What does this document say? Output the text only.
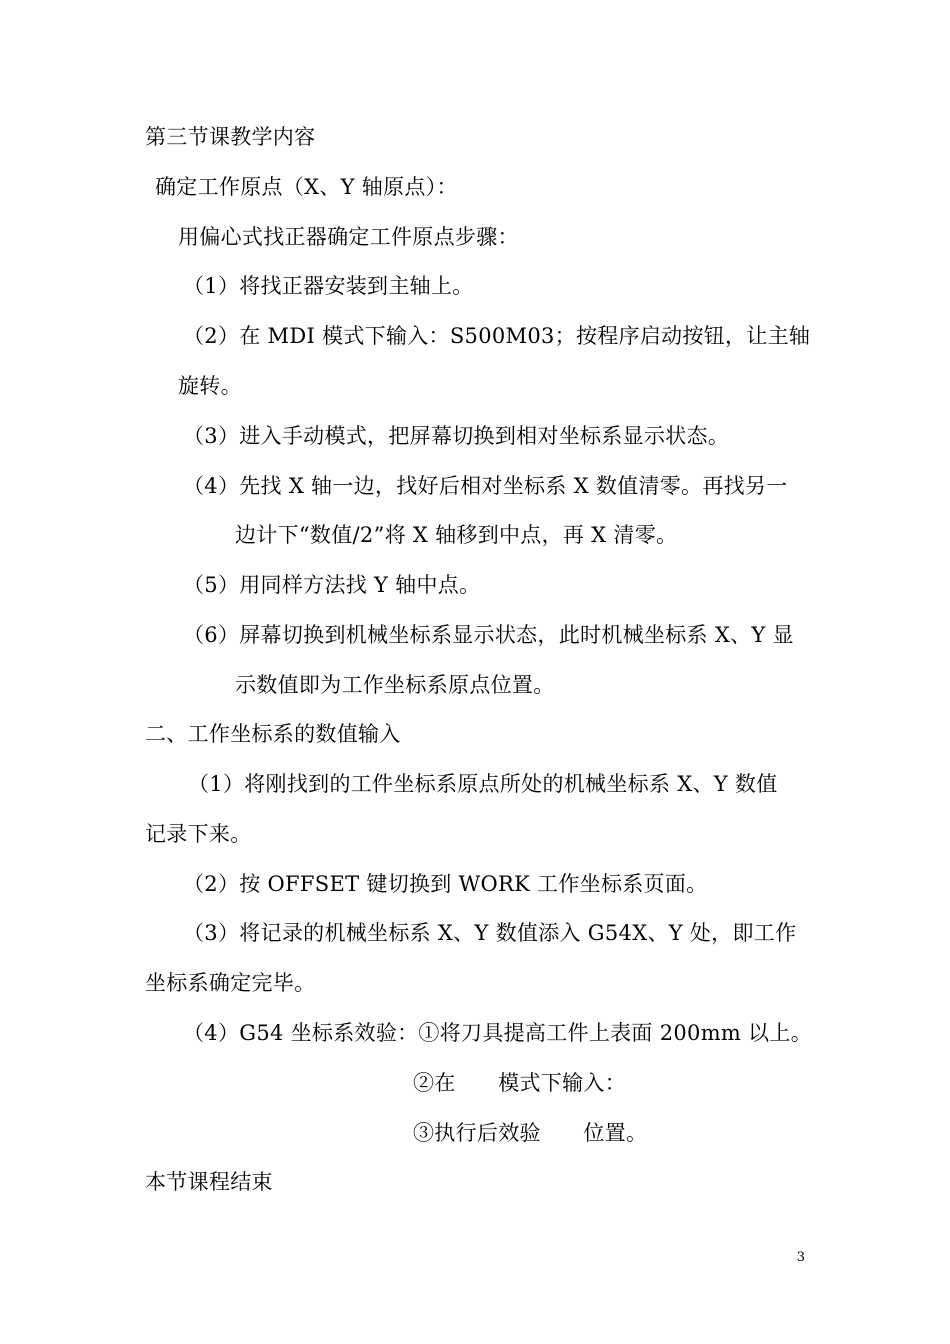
第三节课教学内容
确定工作原点（X、Y 轴原点）：
用偏心式找正器确定工件原点步骤：
（1）将找正器安装到主轴上。
（2）在 MDI 模式下输入：S500M03；按程序启动按钮，让主轴
旋转。
（3）进入手动模式，把屏幕切换到相对坐标系显示状态。
（4）先找 X 轴一边，找好后相对坐标系 X 数值清零。再找另一
边计下“数值/2”将 X 轴移到中点，再 X 清零。
（5）用同样方法找 Y 轴中点。
（6）屏幕切换到机械坐标系显示状态，此时机械坐标系 X、Y 显
示数值即为工作坐标系原点位置。
二、工作坐标系的数值输入
（1）将刚找到的工件坐标系原点所处的机械坐标系 X、Y 数值
记录下来。
（2）按 OFFSET 键切换到 WORK 工作坐标系页面。
（3）将记录的机械坐标系 X、Y 数值添入 G54X、Y 处，即工作
坐标系确定完毕。
（4）G54 坐标系效验：①将刀具提高工件上表面 200mm 以上。
②在　　模式下输入：
③执行后效验　　位置。
本节课程结束
3
